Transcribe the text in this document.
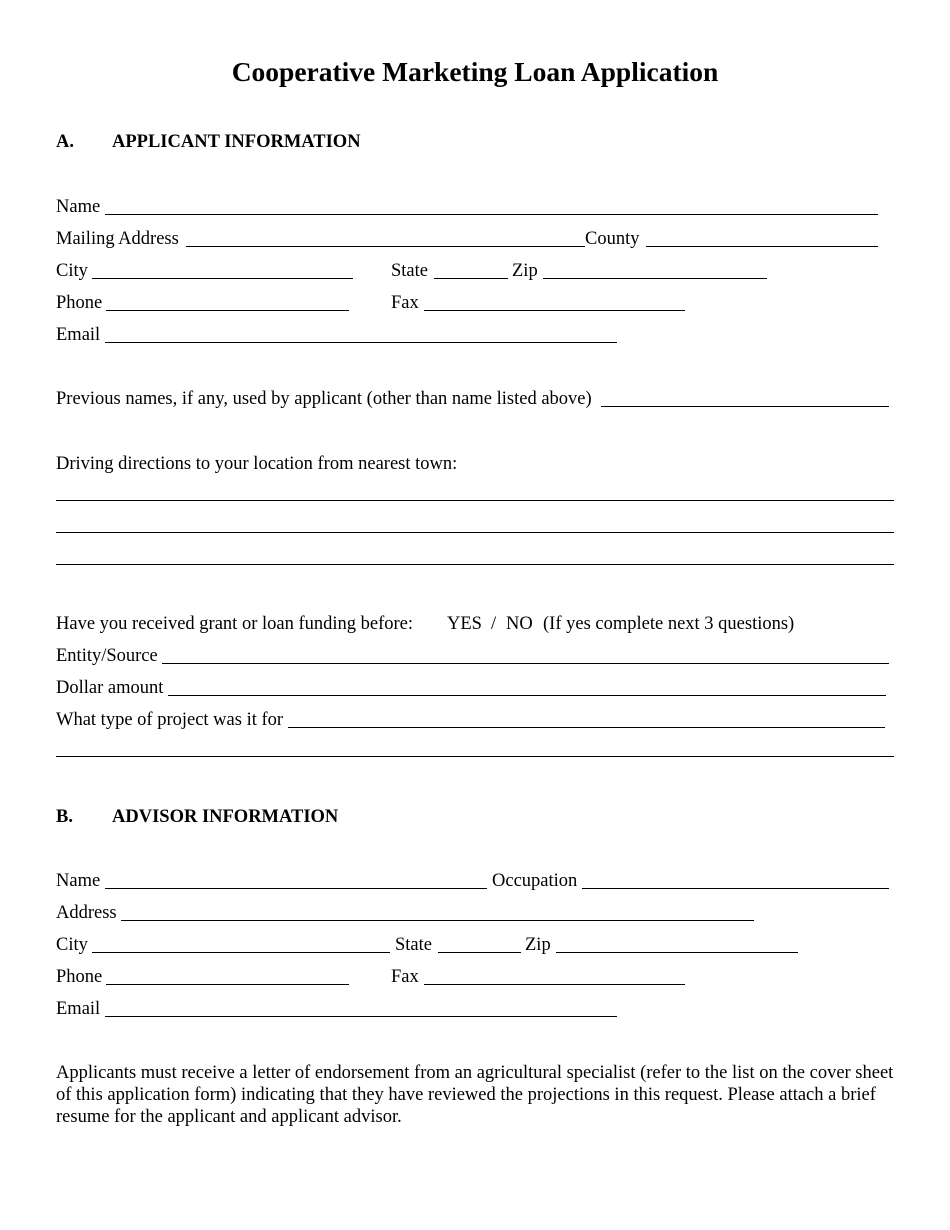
Cooperative Marketing Loan Application
A. APPLICANT INFORMATION
Name
Mailing Address	County
City	State	Zip
Phone	Fax
Email
Previous names, if any, used by applicant (other than name listed above)
Driving directions to your location from nearest town:
Have you received grant or loan funding before: YES / NO (If yes complete next 3 questions)
Entity/Source
Dollar amount
What type of project was it for
B. ADVISOR INFORMATION
Name	Occupation
Address
City	State	Zip
Phone	Fax
Email
Applicants must receive a letter of endorsement from an agricultural specialist (refer to the list on the cover sheet of this application form) indicating that they have reviewed the projections in this request. Please attach a brief resume for the applicant and applicant advisor.
